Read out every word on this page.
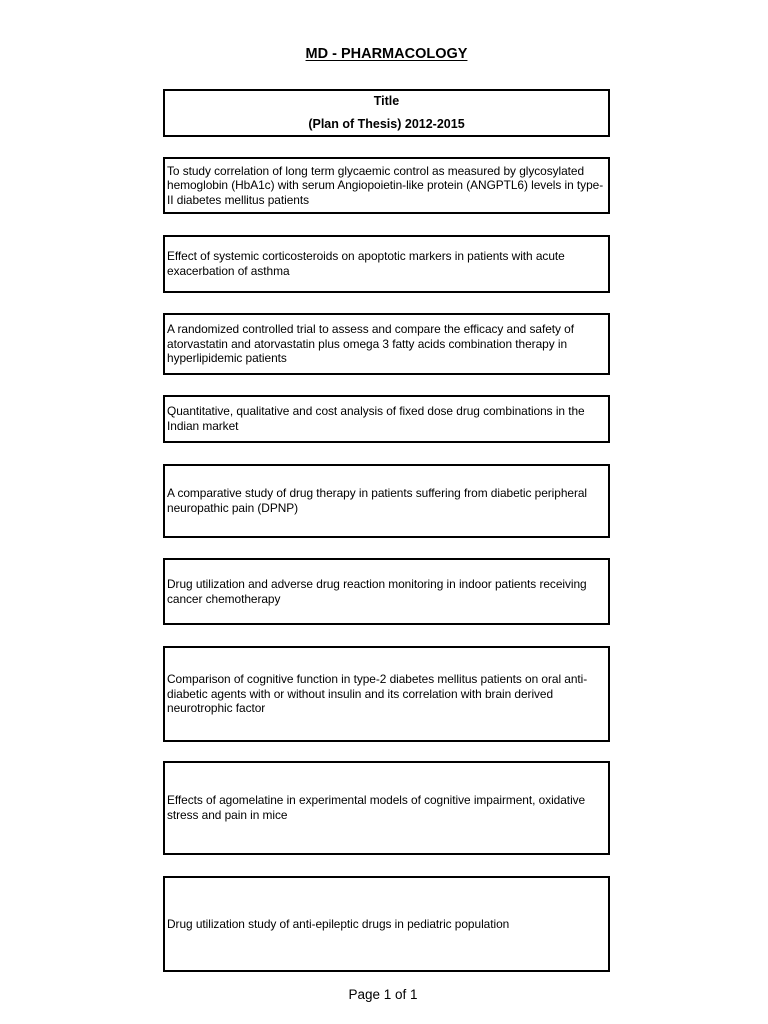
MD - PHARMACOLOGY
Title
(Plan of Thesis) 2012-2015
To study correlation of long term glycaemic control as measured by glycosylated hemoglobin (HbA1c) with serum Angiopoietin-like protein (ANGPTL6) levels in type-II diabetes mellitus patients
Effect of systemic corticosteroids on apoptotic markers in patients with acute exacerbation of asthma
A randomized controlled trial to assess and compare the efficacy and safety of atorvastatin and atorvastatin plus omega 3 fatty acids combination therapy in hyperlipidemic patients
Quantitative, qualitative and cost analysis of fixed dose drug combinations in the Indian market
A comparative study of drug therapy in patients suffering from diabetic peripheral neuropathic pain (DPNP)
Drug utilization and adverse drug reaction monitoring in indoor patients receiving cancer chemotherapy
Comparison of cognitive function in type-2 diabetes mellitus patients on oral anti-diabetic agents with or without insulin and its correlation with brain derived neurotrophic factor
Effects of agomelatine in experimental models of cognitive impairment, oxidative stress and pain in mice
Drug utilization study of anti-epileptic drugs in pediatric population
Page 1 of 1
